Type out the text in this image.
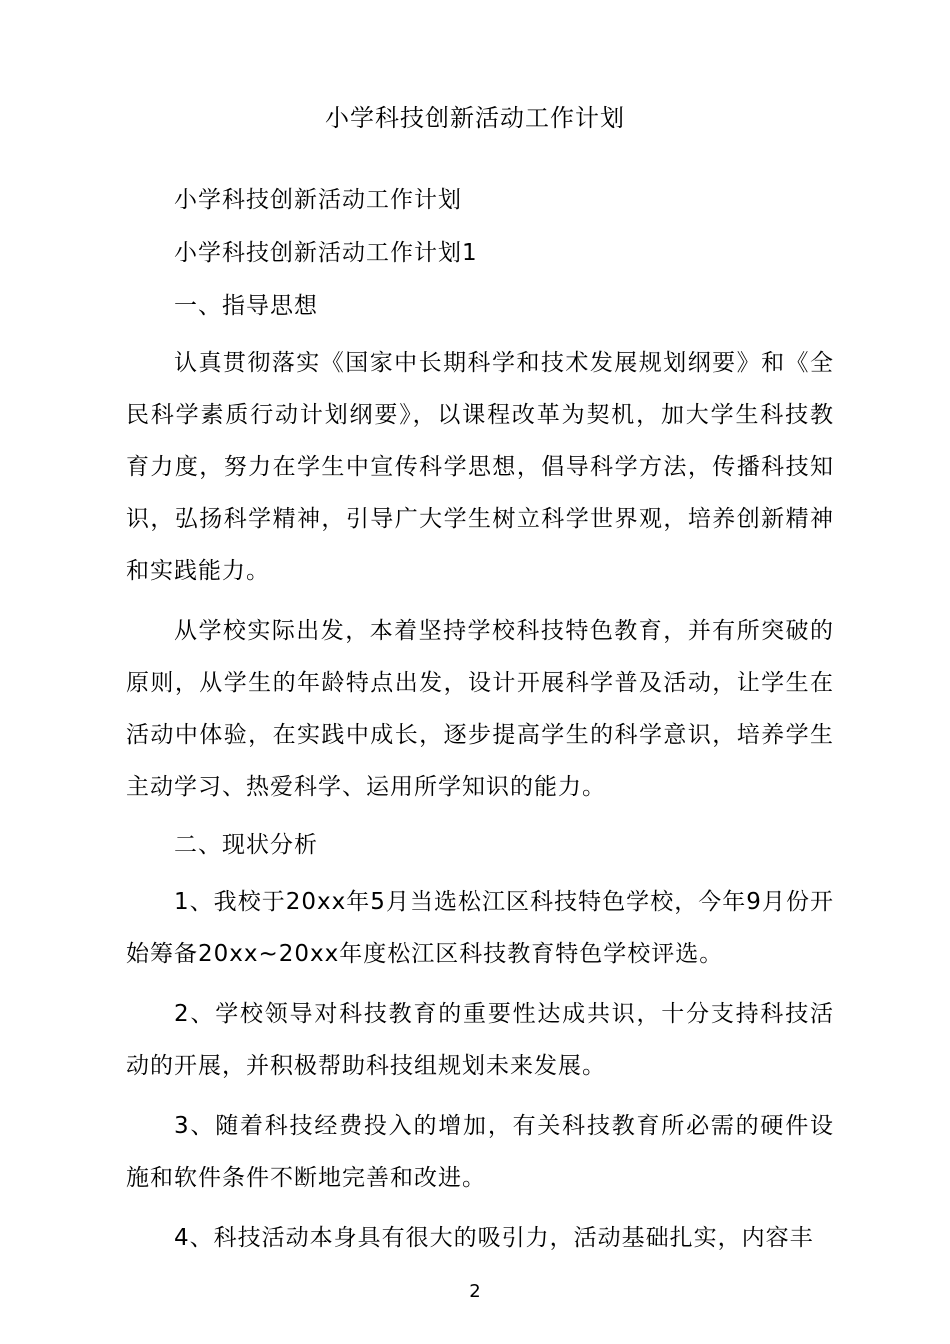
小学科技创新活动工作计划

小学科技创新活动工作计划

小学科技创新活动工作计划1

一、指导思想

认真贯彻落实《国家中长期科学和技术发展规划纲要》和《全民科学素质行动计划纲要》，以课程改革为契机，加大学生科技教育力度，努力在学生中宣传科学思想，倡导科学方法，传播科技知识，弘扬科学精神，引导广大学生树立科学世界观，培养创新精神和实践能力。

从学校实际出发，本着坚持学校科技特色教育，并有所突破的原则，从学生的年龄特点出发，设计开展科学普及活动，让学生在活动中体验，在实践中成长，逐步提高学生的科学意识，培养学生主动学习、热爱科学、运用所学知识的能力。

二、现状分析

1、我校于20xx年5月当选松江区科技特色学校，今年9月份开始筹备20xx~20xx年度松江区科技教育特色学校评选。

2、学校领导对科技教育的重要性达成共识，十分支持科技活动的开展，并积极帮助科技组规划未来发展。

3、随着科技经费投入的增加，有关科技教育所必需的硬件设施和软件条件不断地完善和改进。

4、科技活动本身具有很大的吸引力，活动基础扎实，内容丰

2
